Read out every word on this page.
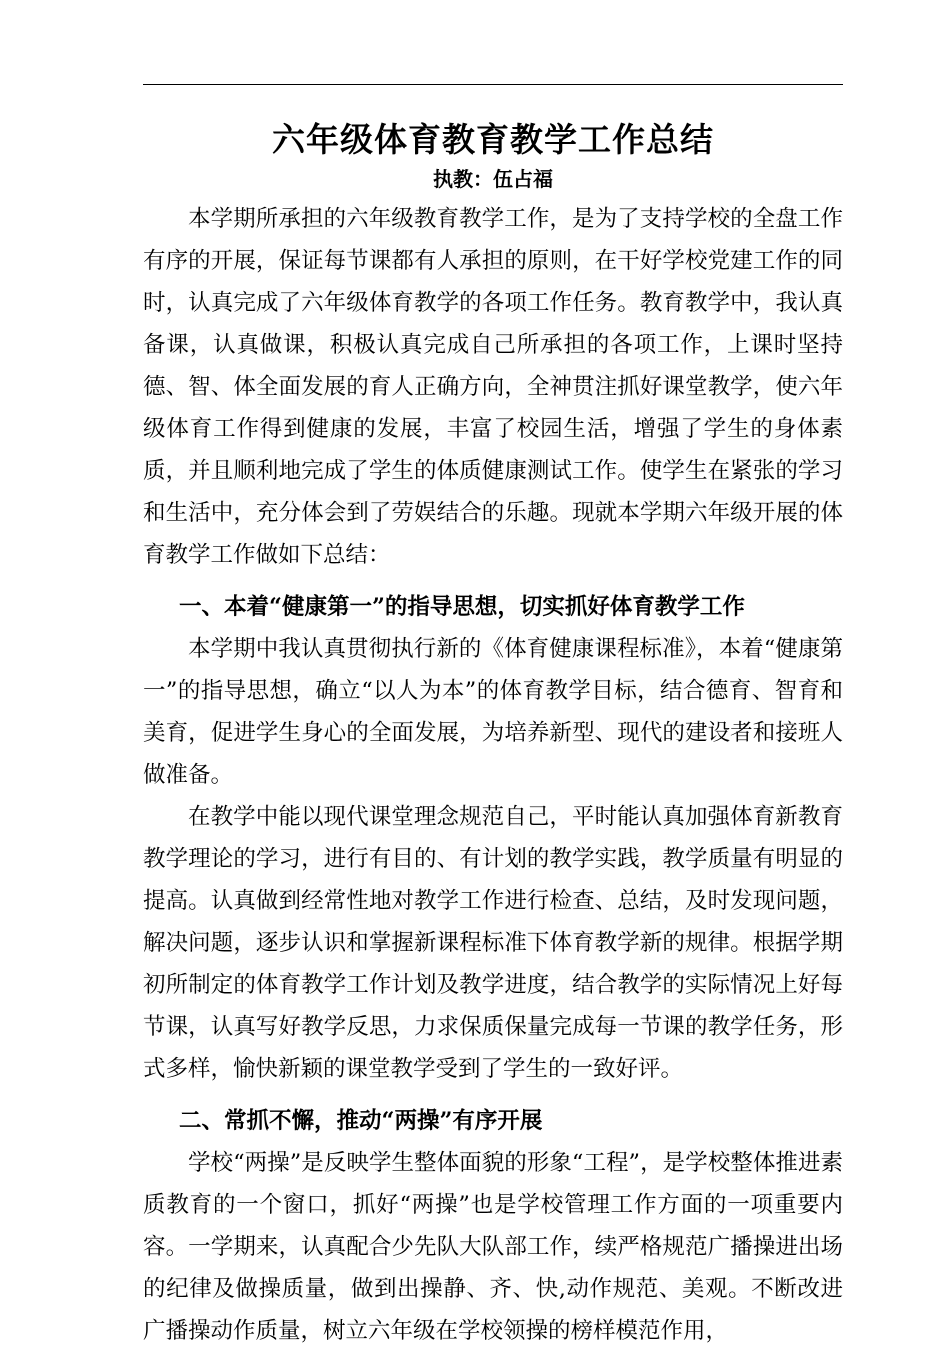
六年级体育教育教学工作总结
执教：伍占福

本学期所承担的六年级教育教学工作，是为了支持学校的全盘工作有序的开展，保证每节课都有人承担的原则，在干好学校党建工作的同时，认真完成了六年级体育教学的各项工作任务。教育教学中，我认真备课，认真做课，积极认真完成自己所承担的各项工作，上课时坚持德、智、体全面发展的育人正确方向，全神贯注抓好课堂教学，使六年级体育工作得到健康的发展，丰富了校园生活，增强了学生的身体素质，并且顺利地完成了学生的体质健康测试工作。使学生在紧张的学习和生活中，充分体会到了劳娱结合的乐趣。现就本学期六年级开展的体育教学工作做如下总结：

一、本着“健康第一”的指导思想，切实抓好体育教学工作

本学期中我认真贯彻执行新的《体育健康课程标准》，本着“健康第一”的指导思想，确立“以人为本”的体育教学目标，结合德育、智育和美育，促进学生身心的全面发展，为培养新型、现代的建设者和接班人做准备。

在教学中能以现代课堂理念规范自己，平时能认真加强体育新教育教学理论的学习，进行有目的、有计划的教学实践，教学质量有明显的提高。认真做到经常性地对教学工作进行检查、总结，及时发现问题，解决问题，逐步认识和掌握新课程标准下体育教学新的规律。根据学期初所制定的体育教学工作计划及教学进度，结合教学的实际情况上好每节课，认真写好教学反思，力求保质保量完成每一节课的教学任务，形式多样，愉快新颖的课堂教学受到了学生的一致好评。

二、常抓不懈，推动“两操”有序开展

学校“两操”是反映学生整体面貌的形象“工程”，是学校整体推进素质教育的一个窗口，抓好“两操”也是学校管理工作方面的一项重要内容。一学期来，认真配合少先队大队部工作，续严格规范广播操进出场的纪律及做操质量，做到出操静、齐、快,动作规范、美观。不断改进广播操动作质量，树立六年级在学校领操的榜样模范作用，
